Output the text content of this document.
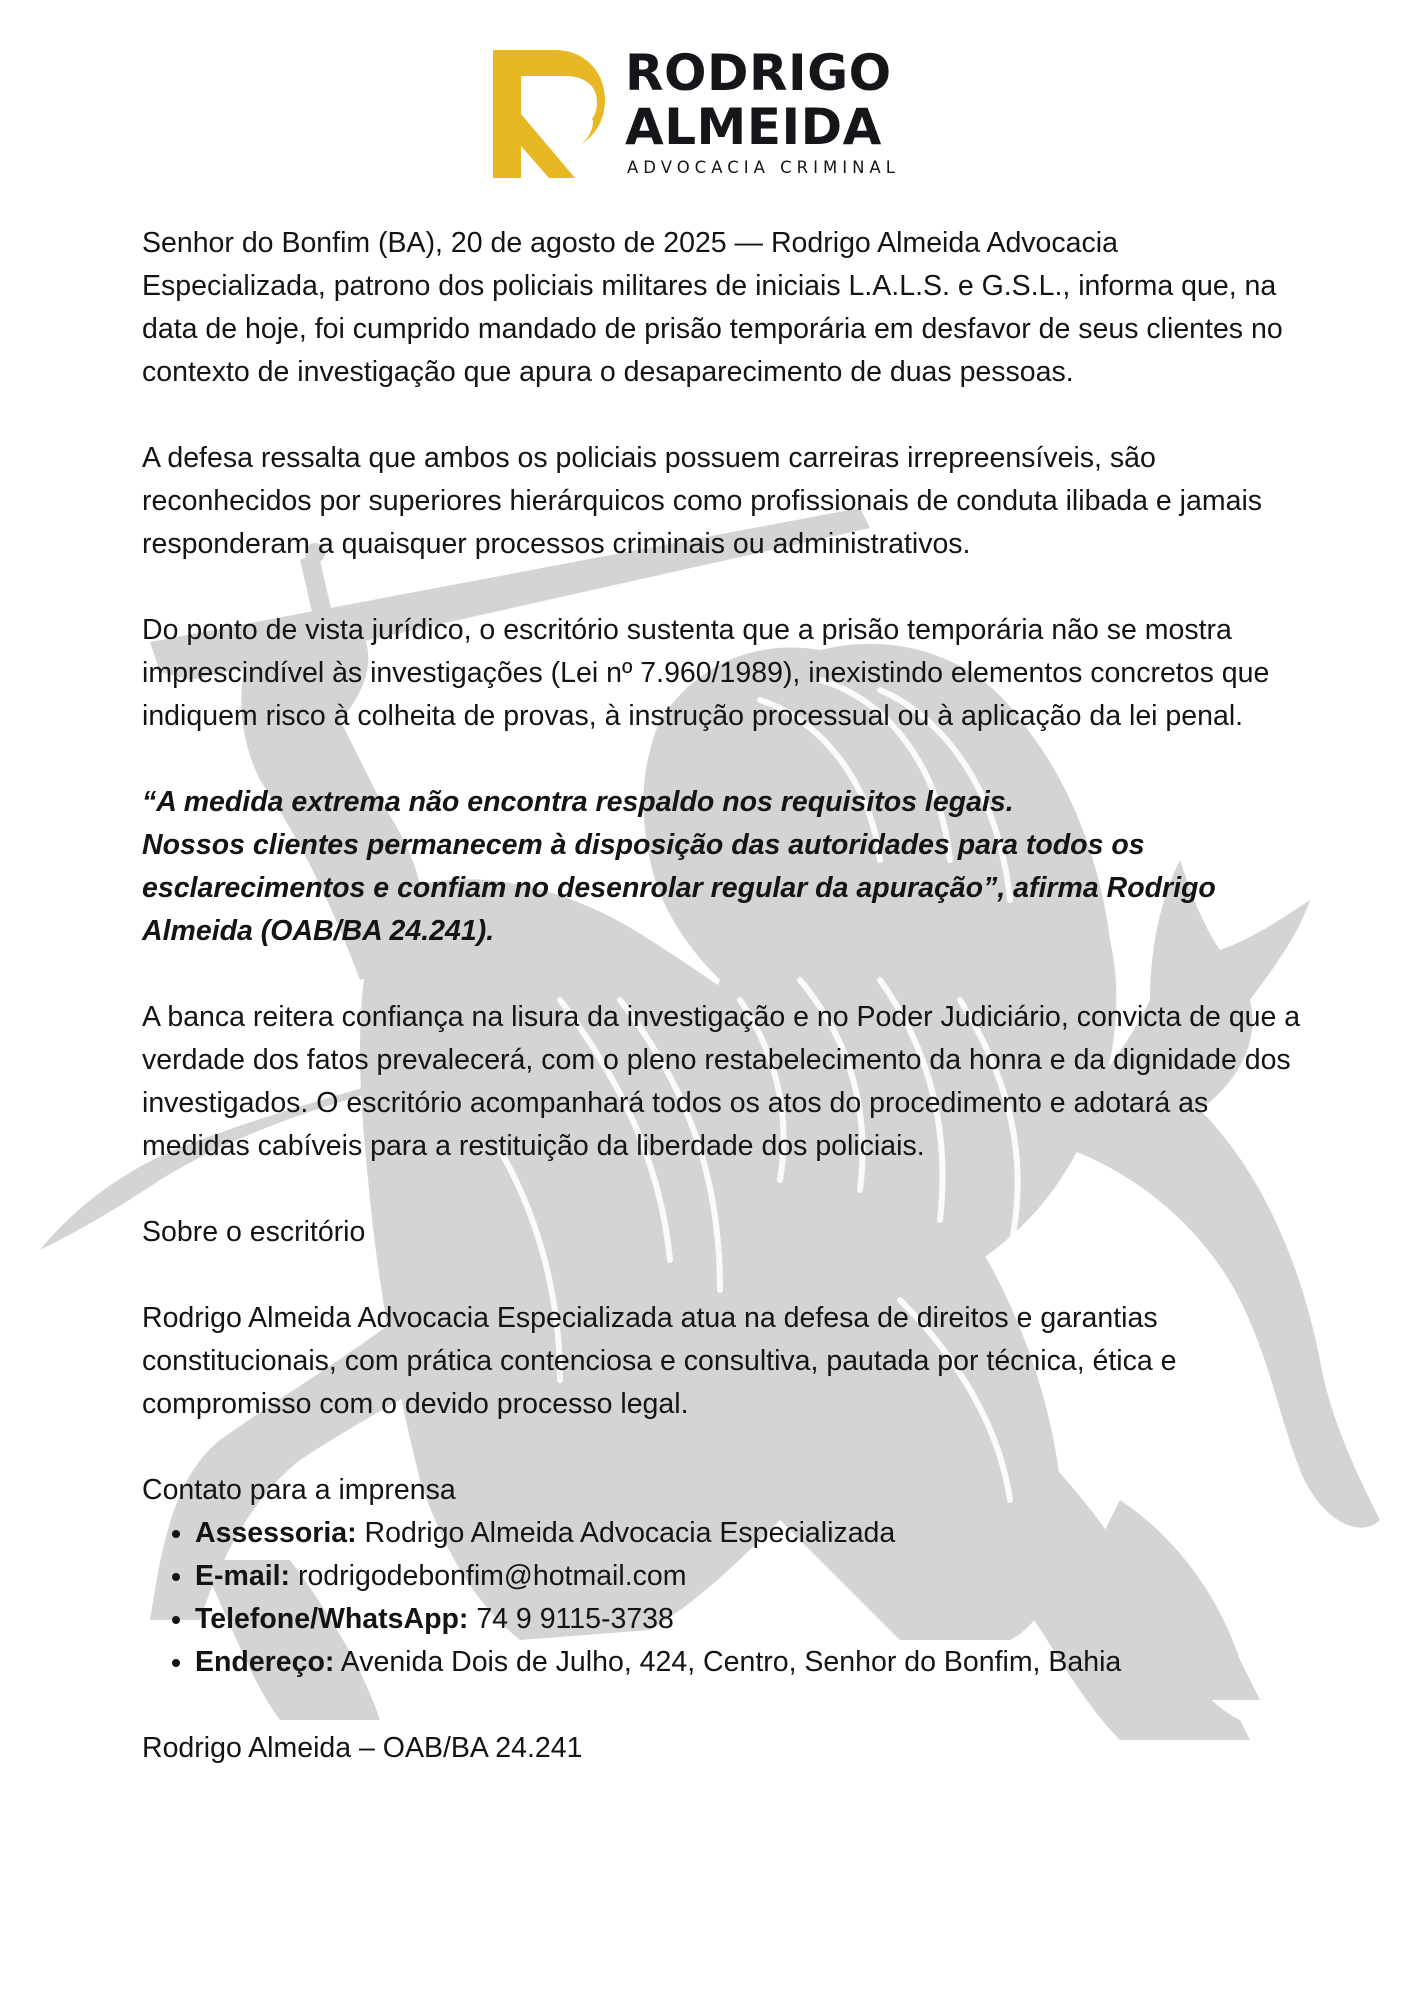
RODRIGO
ALMEIDA
ADVOCACIA CRIMINAL

Senhor do Bonfim (BA), 20 de agosto de 2025 — Rodrigo Almeida Advocacia Especializada, patrono dos policiais militares de iniciais L.A.L.S. e G.S.L., informa que, na data de hoje, foi cumprido mandado de prisão temporária em desfavor de seus clientes no contexto de investigação que apura o desaparecimento de duas pessoas.

A defesa ressalta que ambos os policiais possuem carreiras irrepreensíveis, são reconhecidos por superiores hierárquicos como profissionais de conduta ilibada e jamais responderam a quaisquer processos criminais ou administrativos.

Do ponto de vista jurídico, o escritório sustenta que a prisão temporária não se mostra imprescindível às investigações (Lei nº 7.960/1989), inexistindo elementos concretos que indiquem risco à colheita de provas, à instrução processual ou à aplicação da lei penal.

“A medida extrema não encontra respaldo nos requisitos legais.
Nossos clientes permanecem à disposição das autoridades para todos os esclarecimentos e confiam no desenrolar regular da apuração”, afirma Rodrigo Almeida (OAB/BA 24.241).

A banca reitera confiança na lisura da investigação e no Poder Judiciário, convicta de que a verdade dos fatos prevalecerá, com o pleno restabelecimento da honra e da dignidade dos investigados. O escritório acompanhará todos os atos do procedimento e adotará as medidas cabíveis para a restituição da liberdade dos policiais.

Sobre o escritório

Rodrigo Almeida Advocacia Especializada atua na defesa de direitos e garantias constitucionais, com prática contenciosa e consultiva, pautada por técnica, ética e compromisso com o devido processo legal.

Contato para a imprensa

• Assessoria: Rodrigo Almeida Advocacia Especializada
• E-mail: rodrigodebonfim@hotmail.com
• Telefone/WhatsApp: 74 9 9115-3738
• Endereço: Avenida Dois de Julho, 424, Centro, Senhor do Bonfim, Bahia

Rodrigo Almeida – OAB/BA 24.241
